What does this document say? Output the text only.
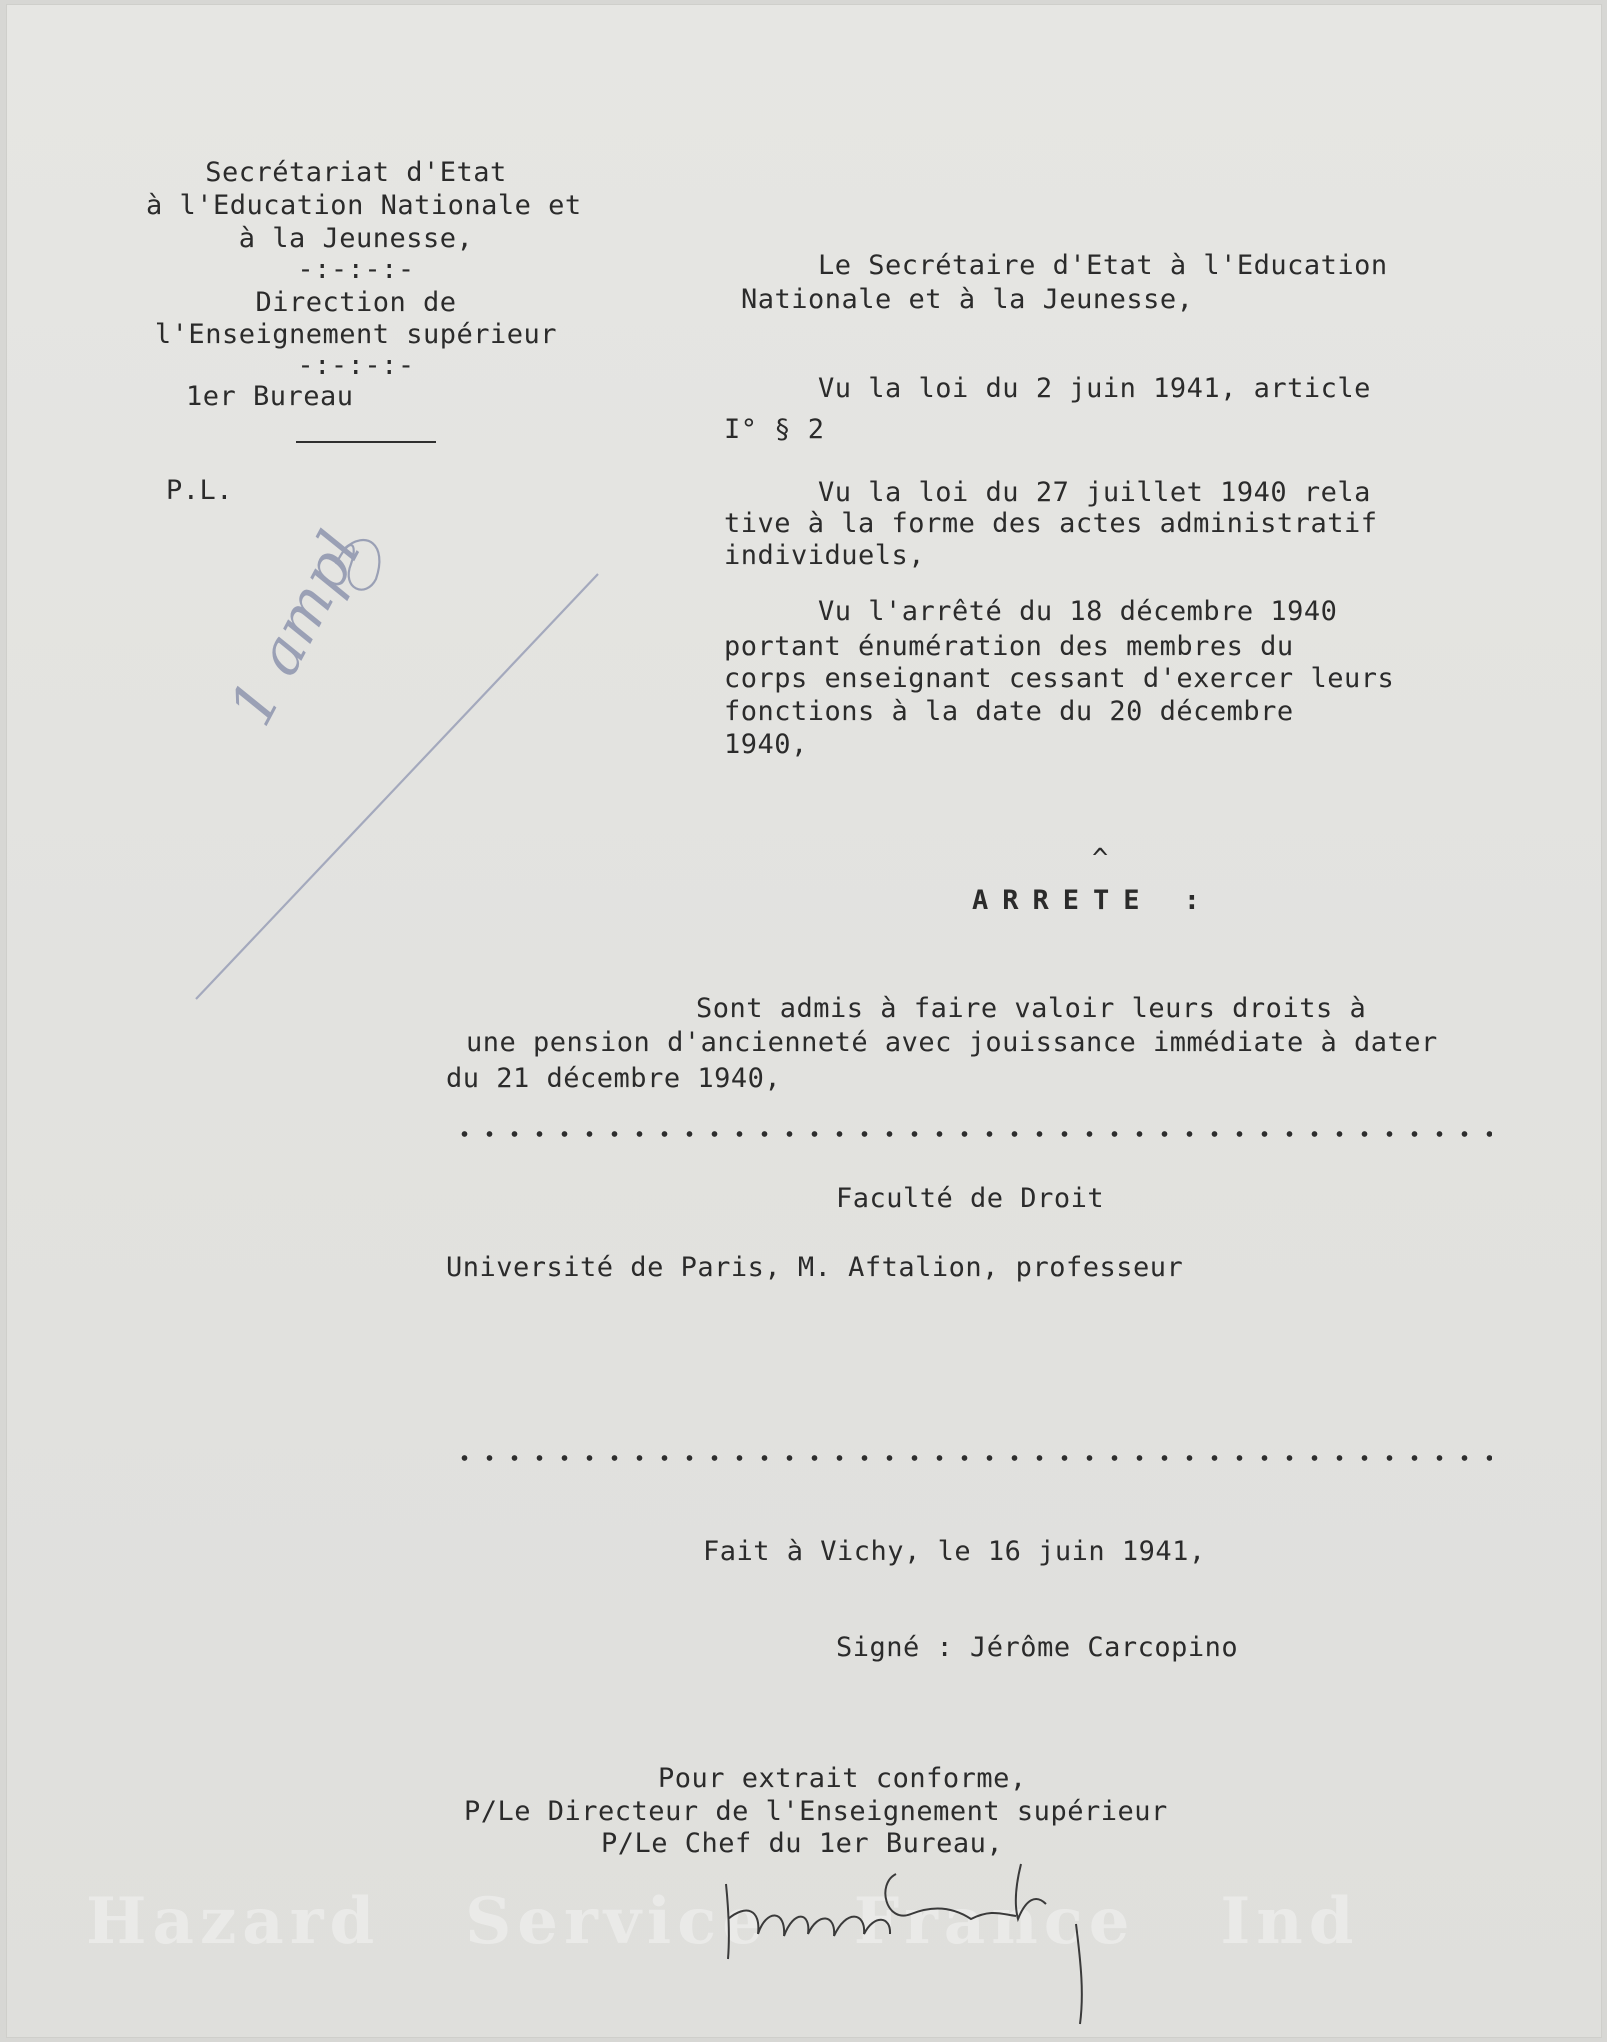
Hazard   Service   France   Ind
Secrétariat d'Etat
à l'Education Nationale et
à la Jeunesse,
-:-:-:-
Direction de
l'Enseignement supérieur
-:-:-:-
1er Bureau
P.L.
1 ampl
Le Secrétaire d'Etat à l'Education
Nationale et à la Jeunesse,
Vu la loi du 2 juin 1941, article
I° § 2
Vu la loi du 27 juillet 1940 rela
tive à la forme des actes administratif
individuels,
Vu l'arrêté du 18 décembre 1940
portant énumération des membres du
corps enseignant cessant d'exercer leurs
fonctions à la date du 20 décembre
1940,
^
ARRETE :
Sont admis à faire valoir leurs droits à
une pension d'ancienneté avec jouissance immédiate à dater
du 21 décembre 1940,
Faculté de Droit
Université de Paris, M. Aftalion, professeur
Fait à Vichy, le 16 juin 1941,
Signé : Jérôme Carcopino
Pour extrait conforme,
P/Le Directeur de l'Enseignement supérieur
P/Le Chef du 1er Bureau,
